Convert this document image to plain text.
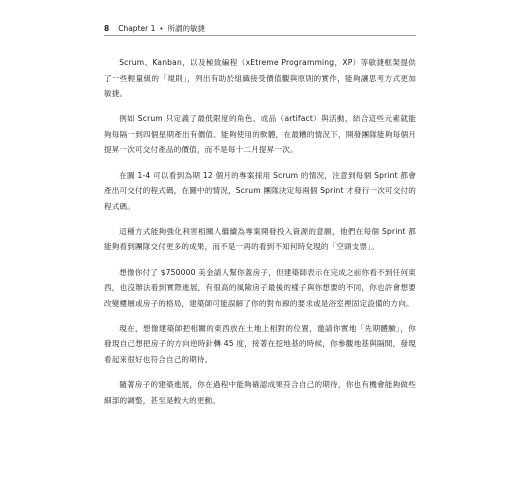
8 Chapter 1 • 所謂的敏捷

Scrum、Kanban，以及極致編程（xEtreme Programming，XP）等敏捷框架提供了一些輕量級的「規則」，列出有助於組織接受價值觀與原則的實作，能夠讓思考方式更加敏捷。

例如 Scrum 只定義了最低限度的角色、成品（artifact）與活動，結合這些元素就能夠每隔一到四個星期產出有價值、能夠使用的軟體，在最糟的情況下，開發團隊能夠每個月提昇一次可交付產品的價值，而不是每十二月提昇一次。

在圖 1-4 可以看到為期 12 個月的專案採用 Scrum 的情況，注意到每個 Sprint 都會產出可交付的程式碼，在圖中的情況，Scrum 團隊決定每兩個 Sprint 才發行一次可交付的程式碼。

這種方式能夠強化利害相關人繼續為專案開發投入資源的意願，他們在每個 Sprint 都能夠看到團隊交付更多的成果，而不是一再的看到不知何時兌現的「空頭支票」。

想像你付了 $750000 美金請人幫你蓋房子，但建築師表示在完成之前你看不到任何東西，也沒辦法看到實際進展，有很高的風險房子最後的樣子與你想要的不同，你也許會想要改變樓層或房子的格局，建築師可能誤解了你的對布線的要求或是浴室裡固定設備的方向。

現在，想像建築師把相關的東西放在土地上相對的位置，邀請你實地「先期體驗」，你發現自己想把房子的方向逆時針轉 45 度，接著在挖地基的時候，你參觀地基與隔間，發現看起來很好也符合自己的期待。

隨著房子的建築進展，你在過程中能夠確認成果符合自己的期待，你也有機會能夠做些細部的調整，甚至是較大的更動。
